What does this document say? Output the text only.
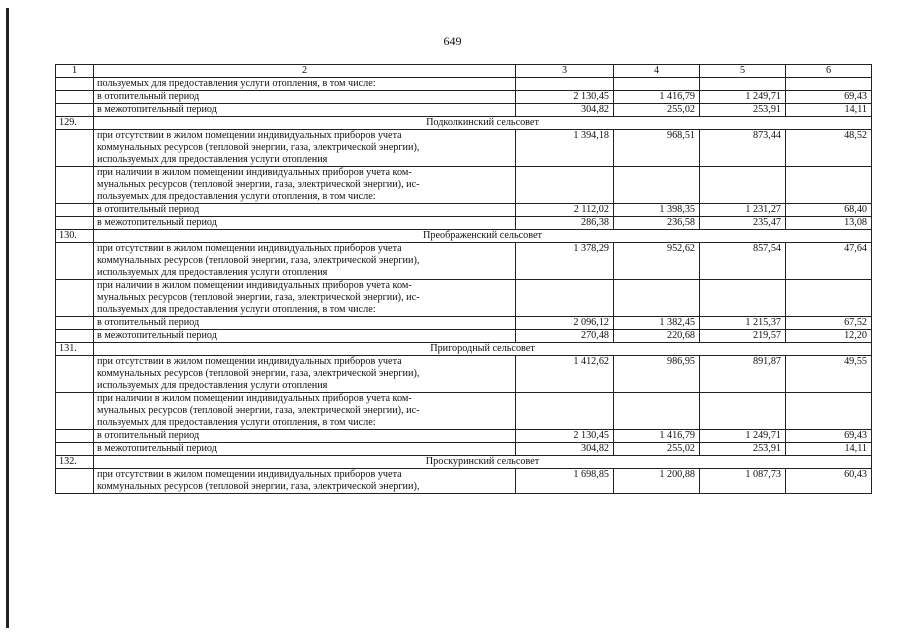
649
1	2	3	4	5	6
	пользуемых для предоставления услуги отопления, в том числе:				
	в отопительный период	2 130,45	1 416,79	1 249,71	69,43
	в межотопительный период	304,82	255,02	253,91	14,11
129.	Подколкинский сельсовет				

	при отсутствии в жилом помещении индивидуальных приборов учета
коммунальных ресурсов (тепловой энергии, газа, электрической энергии),
используемых для предоставления услуги отопления	1 394,18	968,51	873,44	48,52

	при наличии в жилом помещении индивидуальных приборов учета ком-
мунальных ресурсов (тепловой энергии, газа, электрической энергии), ис-
пользуемых для предоставления услуги отопления, в том числе:				

	в отопительный период	2 112,02	1 398,35	1 231,27	68,40
	в межотопительный период	286,38	236,58	235,47	13,08
130.	Преображенский сельсовет				

	при отсутствии в жилом помещении индивидуальных приборов учета
коммунальных ресурсов (тепловой энергии, газа, электрической энергии),
используемых для предоставления услуги отопления	1 378,29	952,62	857,54	47,64

	при наличии в жилом помещении индивидуальных приборов учета ком-
мунальных ресурсов (тепловой энергии, газа, электрической энергии), ис-
пользуемых для предоставления услуги отопления, в том числе:				

	в отопительный период	2 096,12	1 382,45	1 215,37	67,52
	в межотопительный период	270,48	220,68	219,57	12,20
131.	Пригородный сельсовет				

	при отсутствии в жилом помещении индивидуальных приборов учета
коммунальных ресурсов (тепловой энергии, газа, электрической энергии),
используемых для предоставления услуги отопления	1 412,62	986,95	891,87	49,55

	при наличии в жилом помещении индивидуальных приборов учета ком-
мунальных ресурсов (тепловой энергии, газа, электрической энергии), ис-
пользуемых для предоставления услуги отопления, в том числе:				

	в отопительный период	2 130,45	1 416,79	1 249,71	69,43
	в межотопительный период	304,82	255,02	253,91	14,11
132.	Проскуринский сельсовет				

	при отсутствии в жилом помещении индивидуальных приборов учета
коммунальных ресурсов (тепловой энергии, газа, электрической энергии),	1 698,85	1 200,88	1 087,73	60,43
